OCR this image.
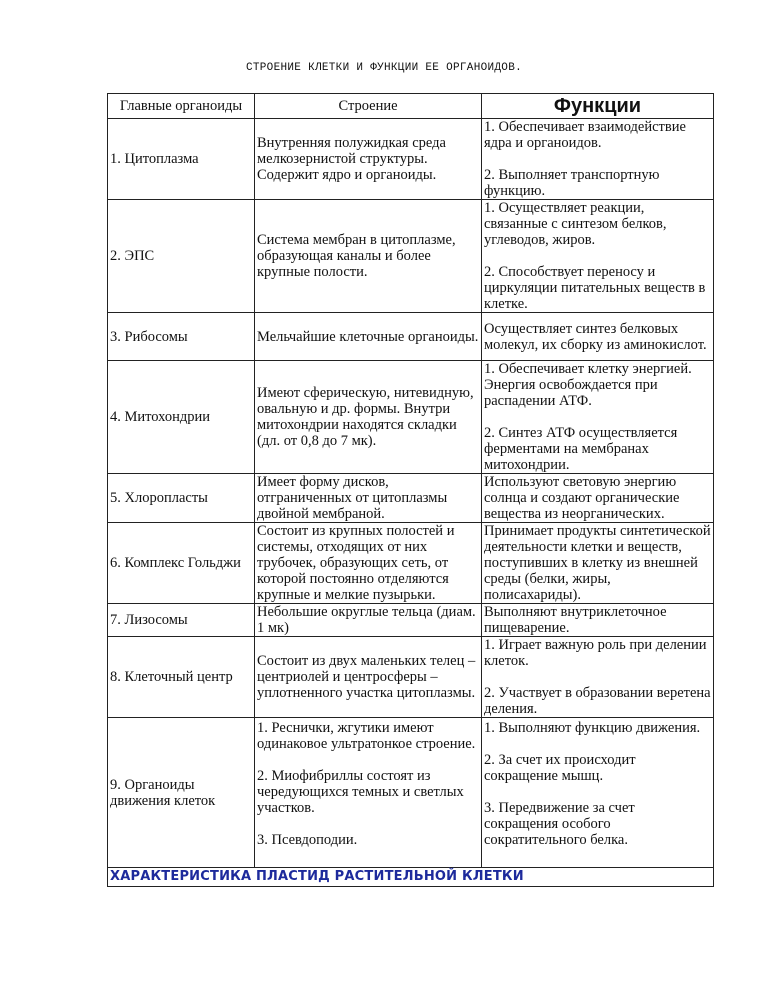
СТРОЕНИЕ КЛЕТКИ И ФУНКЦИИ ЕЕ ОРГАНОИДОВ.
Главные органоиды	Строение	Функции
1. Цитоплазма	Внутренняя полужидкая среда мелкозернистой структуры. Содержит ядро и органоиды.	1. Обеспечивает взаимодействие ядра и органоидов.
2. Выполняет транспортную функцию.
2. ЭПС	Система мембран в цитоплазме, образующая каналы и более крупные полости.	1. Осуществляет реакции, связанные с синтезом белков, углеводов, жиров.
2. Способствует переносу и циркуляции питательных веществ в клетке.
3. Рибосомы	Мельчайшие клеточные органоиды.	Осуществляет синтез белковых молекул, их сборку из аминокислот.
4. Митохондрии	Имеют сферическую, нитевидную, овальную и др. формы. Внутри митохондрии находятся складки (дл. от 0,8 до 7 мк).	1. Обеспечивает клетку энергией. Энергия освобождается при распадении АТФ.
2. Синтез АТФ осуществляется ферментами на мембранах митохондрии.
5. Хлоропласты	Имеет форму дисков, отграниченных от цитоплазмы двойной мембраной.	Используют световую энергию солнца и создают органические вещества из неорганических.
6. Комплекс Гольджи	Состоит из крупных полостей и системы, отходящих от них трубочек, образующих сеть, от которой постоянно отделяются крупные и мелкие пузырьки.	Принимает продукты синтетической деятельности клетки и веществ, поступивших в клетку из внешней среды (белки, жиры, полисахариды).
7. Лизосомы	Небольшие округлые тельца (диам. 1 мк)	Выполняют внутриклеточное пищеварение.
8. Клеточный центр	Состоит из двух маленьких телец – центриолей и центросферы – уплотненного участка цитоплазмы.	1. Играет важную роль при делении клеток.
2. Участвует в образовании веретена деления.
9. Органоиды движения клеток	1. Реснички, жгутики имеют одинаковое ультратонкое строение.
2. Миофибриллы состоят из чередующихся темных и светлых участков.
3. Псевдоподии.	1. Выполняют функцию движения.
2. За счет их происходит сокращение мышц.
3. Передвижение за счет сокращения особого сократительного белка.
ХАРАКТЕРИСТИКА ПЛАСТИД РАСТИТЕЛЬНОЙ КЛЕТКИ		
